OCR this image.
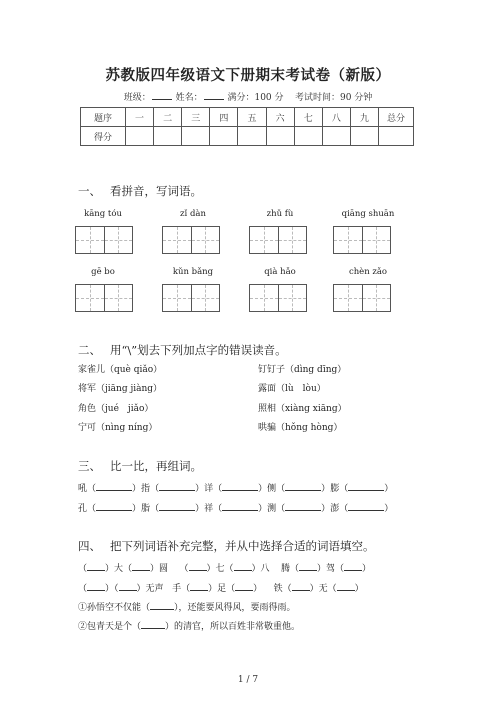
苏教版四年级语文下册期末考试卷（新版）
班级：	姓名：	满分：100 分 考试时间：90 分钟
题序	一	二	三	四	五	六	七	八	九	总分
得分										
一、 看拼音，写词语。
kāng tóu	zǐ dàn	zhǔ fù	qiāng shuān
gē bo	kǔn bǎng	qià hǎo	chèn zǎo
二、 用“\”划去下列加点字的错误读音。
家雀儿（què qiǎo）
将军（jiāng jiàng）
角色（jué　jiǎo）
宁可（nìng níng）
钉钉子（dìng dīng）
露面（lù　lòu）
照相（xiàng xiāng）
哄骗（hǒng hòng）
三、 比一比，再组词。
吼（	）指（	）详（	）侧（	）膨（	）
孔（	）脂（	）祥（	）测（	）澎（	）
四、 把下列词语补充完整，并从中选择合适的词语填空。
（ ）大（ ）圆 （ ）七（ ）八 腾（ ）驾（ ）
（ ）（ ）无声 手（ ）足（ ） 铁（ ）无（ ）
①孙悟空不仅能（	），还能要风得风，要雨得雨。
②包青天是个（	）的清官，所以百姓非常敬重他。
1 / 7
